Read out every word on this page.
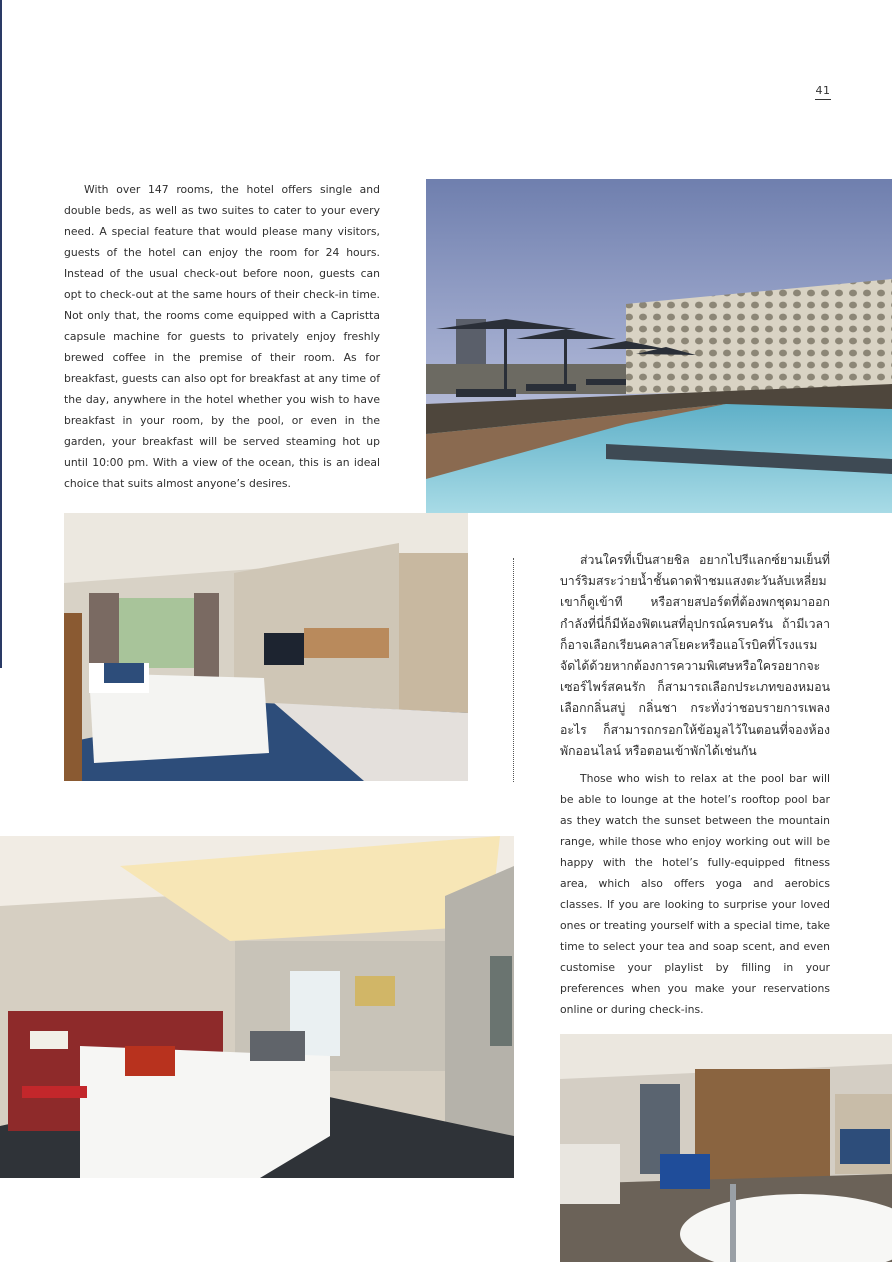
41

With over 147 rooms, the hotel offers single and double beds, as well as two suites to cater to your every need. A special feature that would please many visitors, guests of the hotel can enjoy the room for 24 hours. Instead of the usual check-out before noon, guests can opt to check-out at the same hours of their check-in time. Not only that, the rooms come equipped with a Capristta capsule machine for guests to privately enjoy freshly brewed coffee in the premise of their room. As for breakfast, guests can also opt for breakfast at any time of the day, anywhere in the hotel whether you wish to have breakfast in your room, by the pool, or even in the garden, your breakfast will be served steaming hot up until 10:00 pm. With a view of the ocean, this is an ideal choice that suits almost anyone’s desires.

ส่วนใครที่เป็นสายชิล อยากไปรีแลกซ์ยามเย็นที่บาร์ริมสระว่ายน้ำชั้นดาดฟ้าชมแสงตะวันลับเหลี่ยมเขาก็ดูเข้าที หรือสายสปอร์ตที่ต้องพกชุดมาออกกำลังที่นี่ก็มีห้องฟิตเนสที่อุปกรณ์ครบครัน ถ้ามีเวลาก็อาจเลือกเรียนคลาสโยคะหรือแอโรบิคที่โรงแรมจัดได้ด้วยหากต้องการความพิเศษหรือใครอยากจะเซอร์ไพร์สคนรัก ก็สามารถเลือกประเภทของหมอน เลือกกลิ่นสบู่ กลิ่นชา กระทั่งว่าชอบรายการเพลงอะไร ก็สามารถกรอกให้ข้อมูลไว้ในตอนที่จองห้องพักออนไลน์ หรือตอนเข้าพักได้เช่นกัน

Those who wish to relax at the pool bar will be able to lounge at the hotel’s rooftop pool bar as they watch the sunset between the mountain range, while those who enjoy working out will be happy with the hotel’s fully-equipped fitness area, which also offers yoga and aerobics classes. If you are looking to surprise your loved ones or treating yourself with a special time, take time to select your tea and soap scent, and even customise your playlist by filling in your preferences when you make your reservations online or during check-ins.
